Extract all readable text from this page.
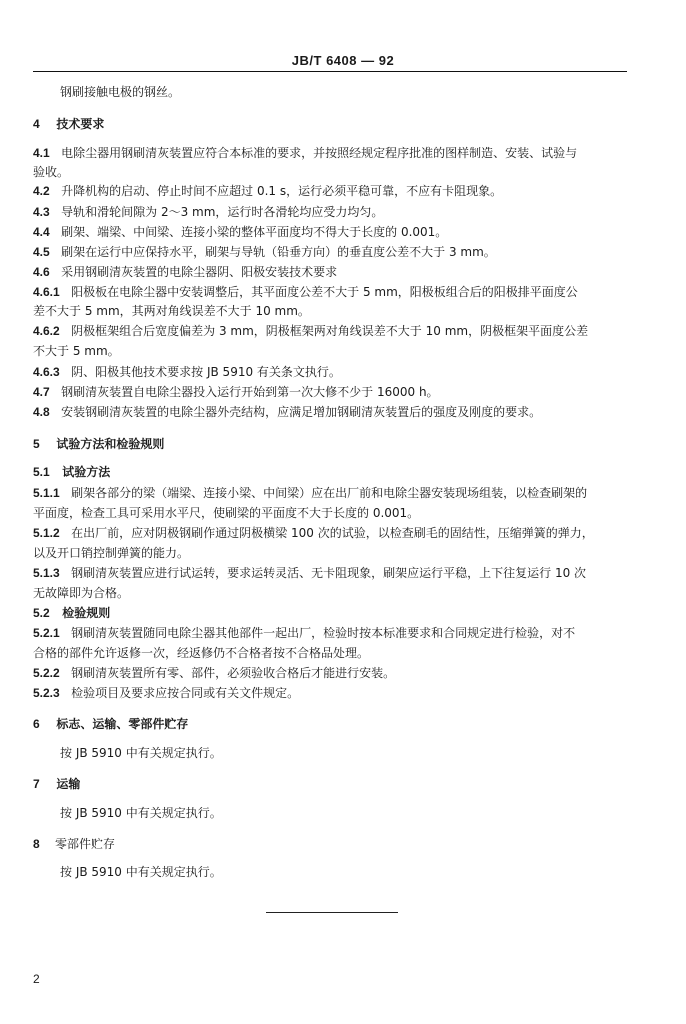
JB/T 6408 — 92
钢刷接触电极的钢丝。
4 技术要求
4.1 电除尘器用钢刷清灰装置应符合本标准的要求，并按照经规定程序批准的图样制造、安装、试验与
验收。
4.2 升降机构的启动、停止时间不应超过 0.1 s，运行必须平稳可靠，不应有卡阻现象。
4.3 导轨和滑轮间隙为 2～3 mm，运行时各滑轮均应受力均匀。
4.4 刷架、端梁、中间梁、连接小梁的整体平面度均不得大于长度的 0.001。
4.5 刷架在运行中应保持水平，刷架与导轨（铅垂方向）的垂直度公差不大于 3 mm。
4.6 采用钢刷清灰装置的电除尘器阴、阳极安装技术要求
4.6.1 阳极板在电除尘器中安装调整后，其平面度公差不大于 5 mm，阳极板组合后的阳极排平面度公
差不大于 5 mm，其两对角线误差不大于 10 mm。
4.6.2 阴极框架组合后宽度偏差为 3 mm，阴极框架两对角线误差不大于 10 mm，阴极框架平面度公差
不大于 5 mm。
4.6.3 阴、阳极其他技术要求按 JB 5910 有关条文执行。
4.7 钢刷清灰装置自电除尘器投入运行开始到第一次大修不少于 16000 h。
4.8 安装钢刷清灰装置的电除尘器外壳结构，应满足增加钢刷清灰装置后的强度及刚度的要求。
5 试验方法和检验规则
5.1 试验方法
5.1.1 刷架各部分的梁（端梁、连接小梁、中间梁）应在出厂前和电除尘器安装现场组装，以检查刷架的
平面度，检查工具可采用水平尺，使刷梁的平面度不大于长度的 0.001。
5.1.2 在出厂前，应对阴极钢刷作通过阴极横梁 100 次的试验，以检查刷毛的固结性，压缩弹簧的弹力，
以及开口销控制弹簧的能力。
5.1.3 钢刷清灰装置应进行试运转，要求运转灵活、无卡阻现象，刷架应运行平稳，上下往复运行 10 次
无故障即为合格。
5.2 检验规则
5.2.1 钢刷清灰装置随同电除尘器其他部件一起出厂，检验时按本标准要求和合同规定进行检验，对不
合格的部件允许返修一次，经返修仍不合格者按不合格品处理。
5.2.2 钢刷清灰装置所有零、部件，必须验收合格后才能进行安装。
5.2.3 检验项目及要求应按合同或有关文件规定。
6 标志、运输、零部件贮存
按 JB 5910 中有关规定执行。
7 运输
按 JB 5910 中有关规定执行。
8 零部件贮存
按 JB 5910 中有关规定执行。
2
